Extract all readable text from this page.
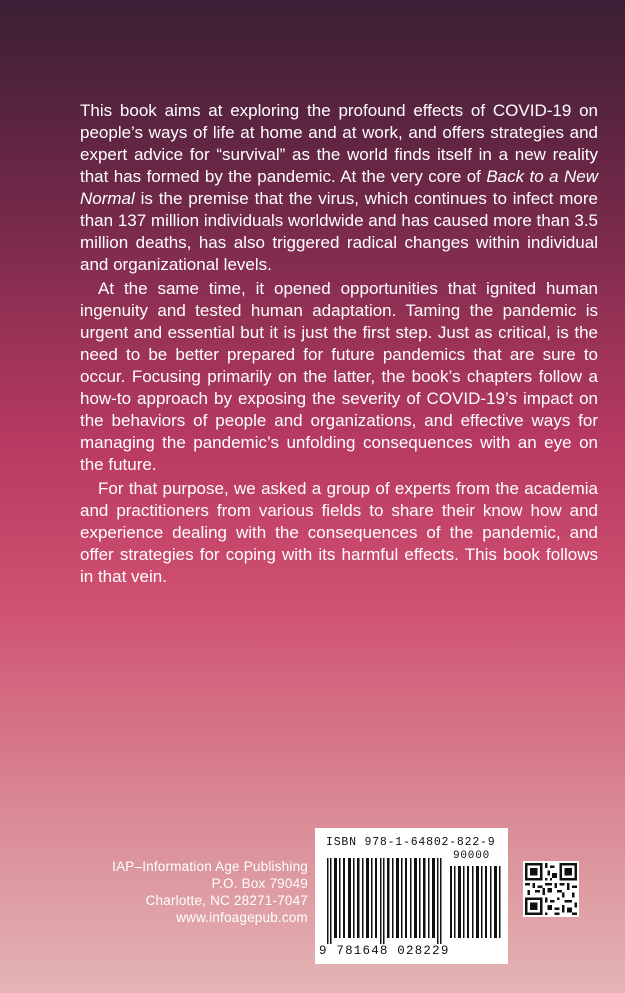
This book aims at exploring the profound effects of COVID-19 on people’s ways of life at home and at work, and offers strategies and expert advice for “survival” as the world finds itself in a new reality that has formed by the pandemic. At the very core of Back to a New Normal is the premise that the virus, which continues to infect more than 137 million individuals worldwide and has caused more than 3.5 million deaths, has also triggered radical changes within individual and organizational levels.

At the same time, it opened opportunities that ignited human ingenuity and tested human adaptation. Taming the pandemic is urgent and essential but it is just the first step. Just as critical, is the need to be better prepared for future pandemics that are sure to occur. Focusing primarily on the latter, the book’s chapters follow a how-to approach by exposing the severity of COVID-19’s impact on the behaviors of people and organizations, and effective ways for managing the pandemic’s unfolding consequences with an eye on the future.

For that purpose, we asked a group of experts from the academia and practitioners from various fields to share their know how and experience dealing with the consequences of the pandemic, and offer strategies for coping with its harmful effects. This book follows in that vein.

IAP–Information Age Publishing
P.O. Box 79049
Charlotte, NC 28271-7047
www.infoagepub.com
ISBN 978-1-64802-822-9
90000
9 781648 028229
